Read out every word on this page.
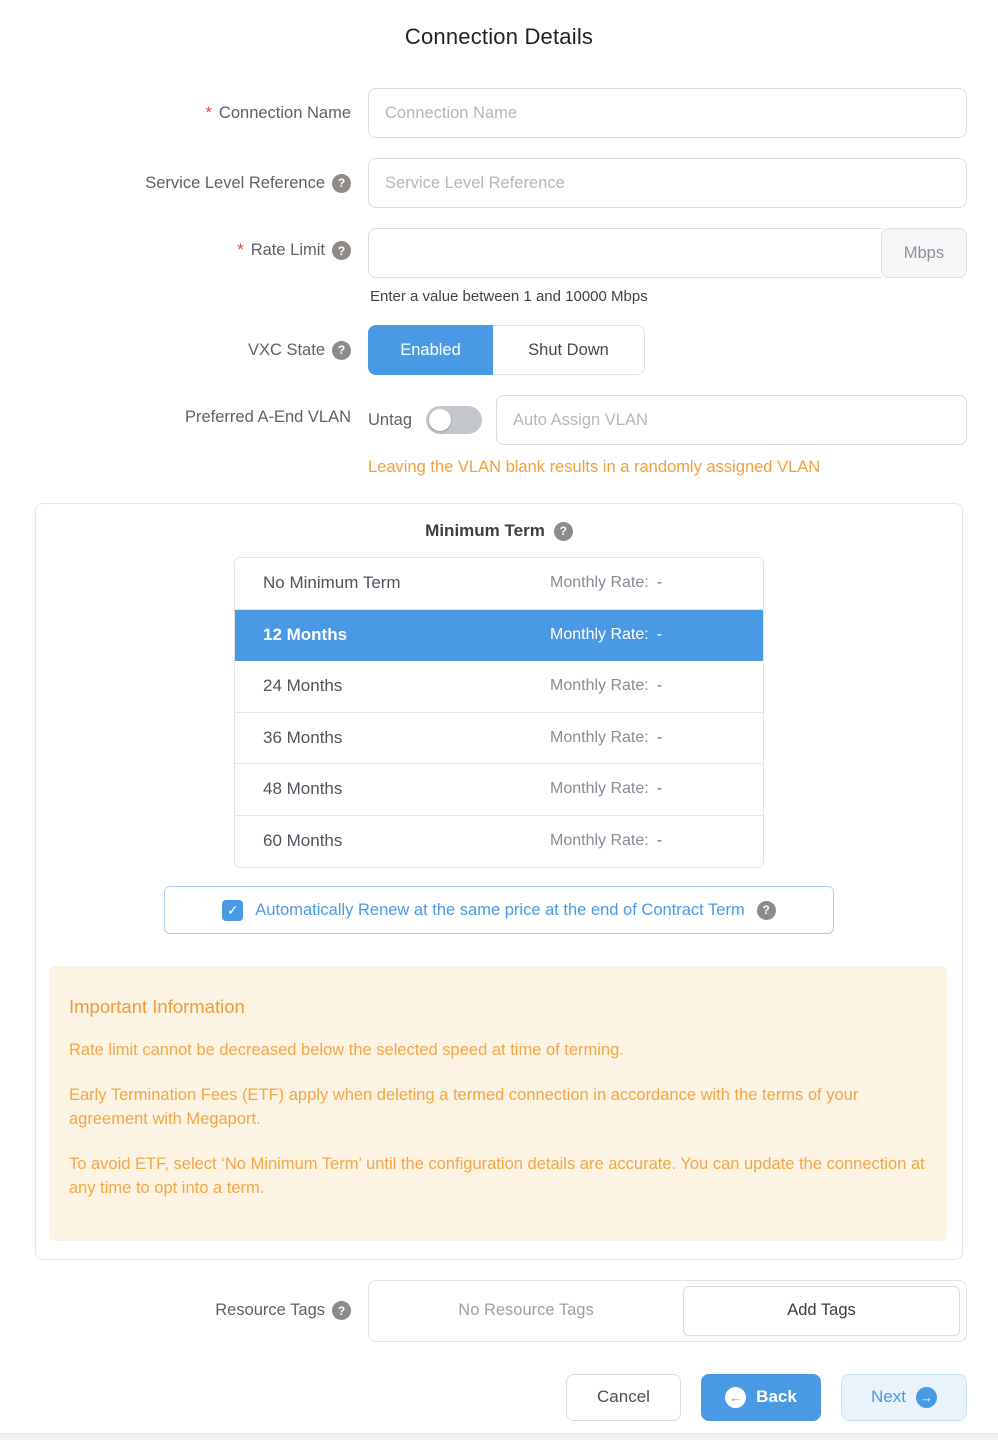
Connection Details
* Connection Name
Connection Name
Service Level Reference	?
Service Level Reference
* Rate Limit	?	Mbps
Enter a value between 1 and 10000 Mbps
VXC State	?	Enabled	Shut Down
Preferred A-End VLAN Untag
Auto Assign VLAN
Leaving the VLAN blank results in a randomly assigned VLAN
Minimum Term	?
No Minimum Term	Monthly Rate: -
12 Months	Monthly Rate: -
24 Months	Monthly Rate: -
36 Months	Monthly Rate: -
48 Months	Monthly Rate: -
60 Months	Monthly Rate: -
✓ Automatically Renew at the same price at the end of Contract Term	?
Important Information
Rate limit cannot be decreased below the selected speed at time of terming.
Early Termination Fees (ETF) apply when deleting a termed connection in accordance with the terms of your agreement with Megaport.
To avoid ETF, select ‘No Minimum Term’ until the configuration details are accurate. You can update the connection at any time to opt into a term.
Resource Tags	?	No Resource Tags	Add Tags
Cancel	← Back	Next	→
